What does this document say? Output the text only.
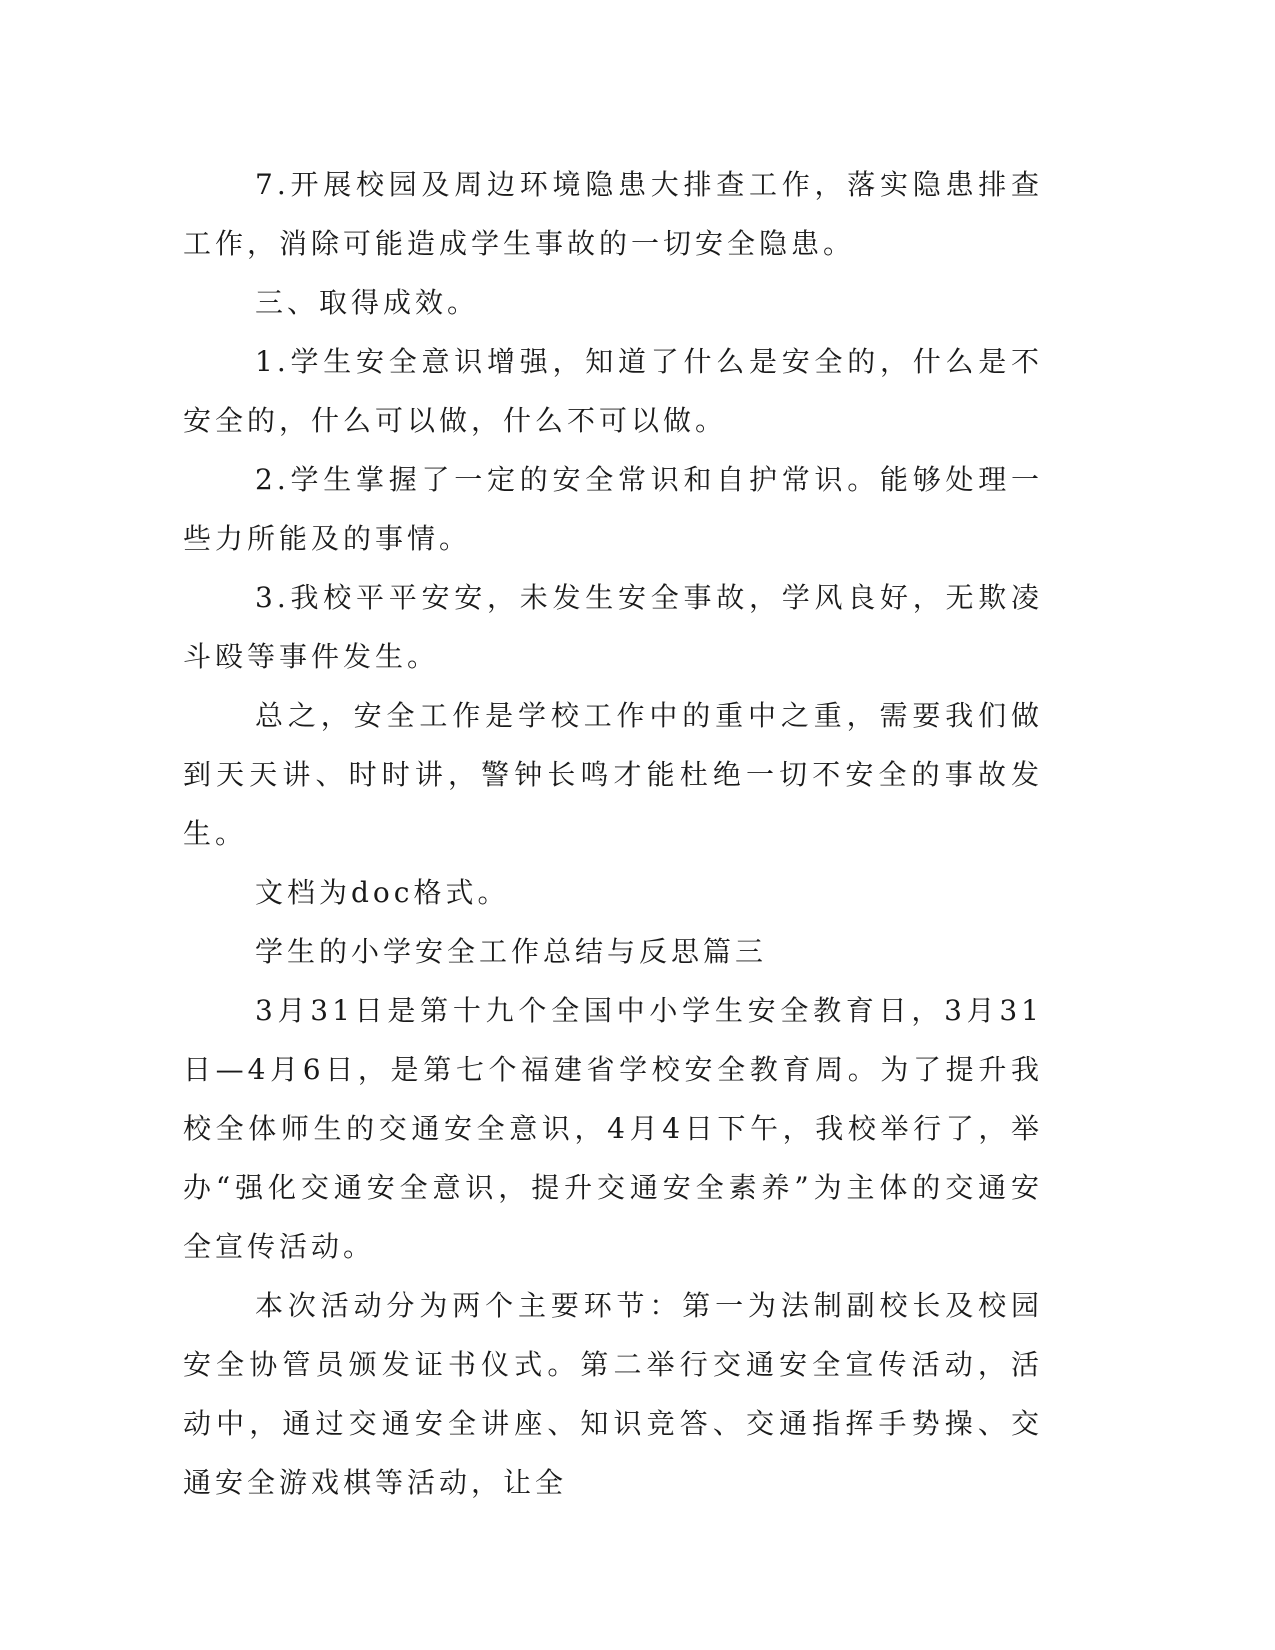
7.开展校园及周边环境隐患大排查工作，落实隐患排查工作，消除可能造成学生事故的一切安全隐患。

三、取得成效。

1.学生安全意识增强，知道了什么是安全的，什么是不安全的，什么可以做，什么不可以做。

2.学生掌握了一定的安全常识和自护常识。能够处理一些力所能及的事情。

3.我校平平安安，未发生安全事故，学风良好，无欺凌斗殴等事件发生。

总之，安全工作是学校工作中的重中之重，需要我们做到天天讲、时时讲，警钟长鸣才能杜绝一切不安全的事故发生。

文档为doc格式。

学生的小学安全工作总结与反思篇三

3月31日是第十九个全国中小学生安全教育日，3月31日—4月6日，是第七个福建省学校安全教育周。为了提升我校全体师生的交通安全意识，4月4日下午，我校举行了，举办“强化交通安全意识，提升交通安全素养”为主体的交通安全宣传活动。

本次活动分为两个主要环节：第一为法制副校长及校园安全协管员颁发证书仪式。第二举行交通安全宣传活动，活动中，通过交通安全讲座、知识竞答、交通指挥手势操、交通安全游戏棋等活动，让全
